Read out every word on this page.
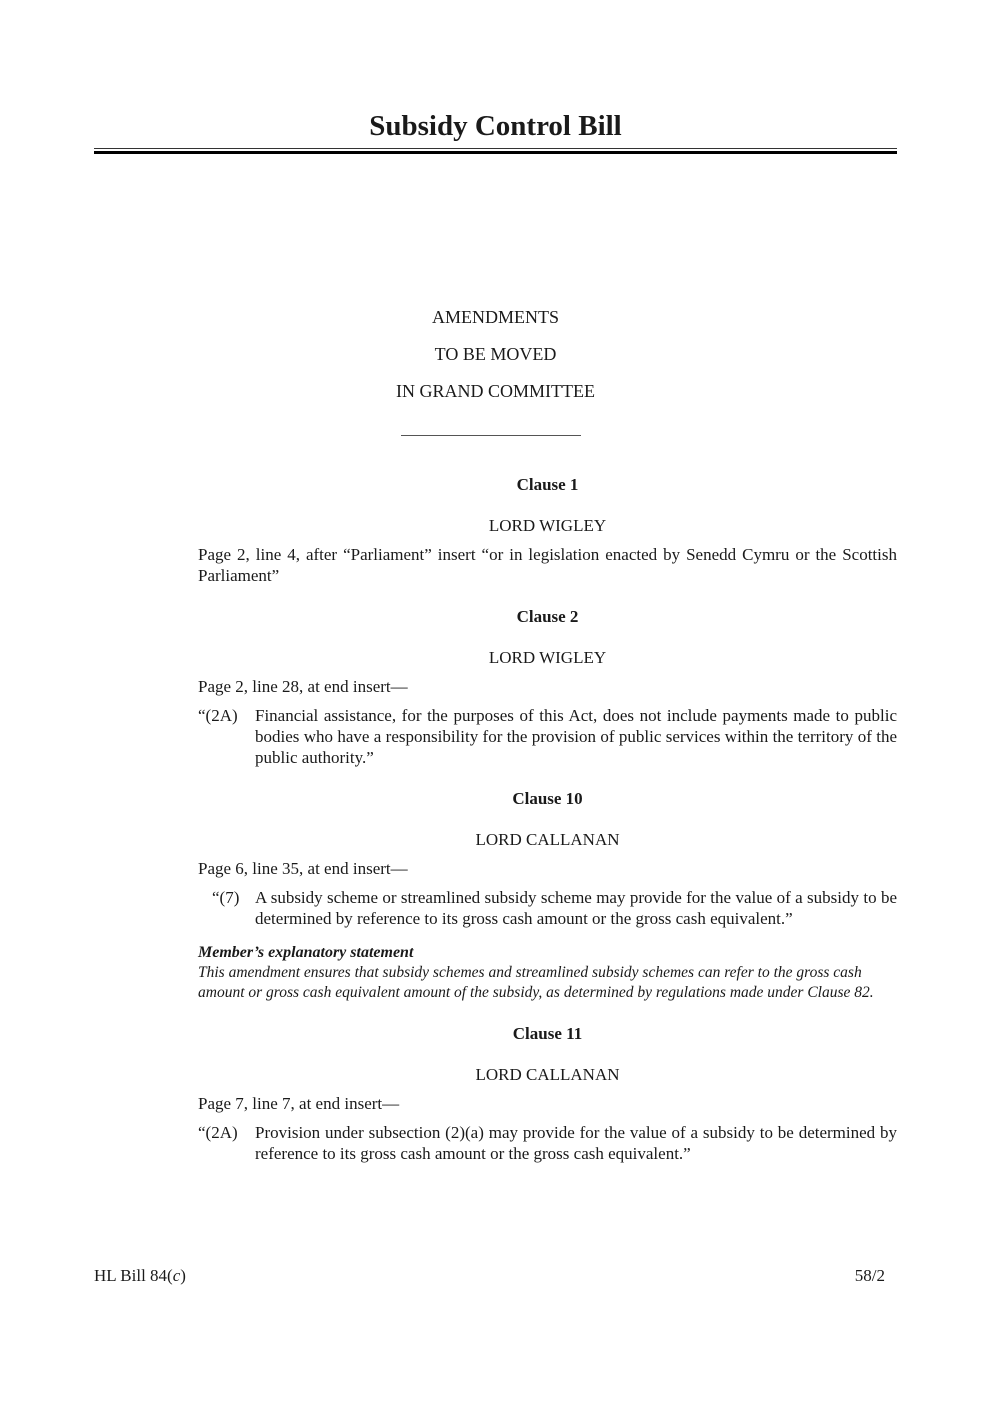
Subsidy Control Bill
AMENDMENTS
TO BE MOVED
IN GRAND COMMITTEE
Clause 1
LORD WIGLEY
Page 2, line 4, after “Parliament” insert “or in legislation enacted by Senedd Cymru or the Scottish Parliament”
Clause 2
LORD WIGLEY
Page 2, line 28, at end insert—
“(2A)	Financial assistance, for the purposes of this Act, does not include payments made to public bodies who have a responsibility for the provision of public services within the territory of the public authority.”
Clause 10
LORD CALLANAN
Page 6, line 35, at end insert—
“(7) A subsidy scheme or streamlined subsidy scheme may provide for the value of a subsidy to be determined by reference to its gross cash amount or the gross cash equivalent.”
Member’s explanatory statement
This amendment ensures that subsidy schemes and streamlined subsidy schemes can refer to the gross cash amount or gross cash equivalent amount of the subsidy, as determined by regulations made under Clause 82.
Clause 11
LORD CALLANAN
Page 7, line 7, at end insert—
“(2A)	Provision under subsection (2)(a) may provide for the value of a subsidy to be determined by reference to its gross cash amount or the gross cash equivalent.”
HL Bill 84(c)	58/2
